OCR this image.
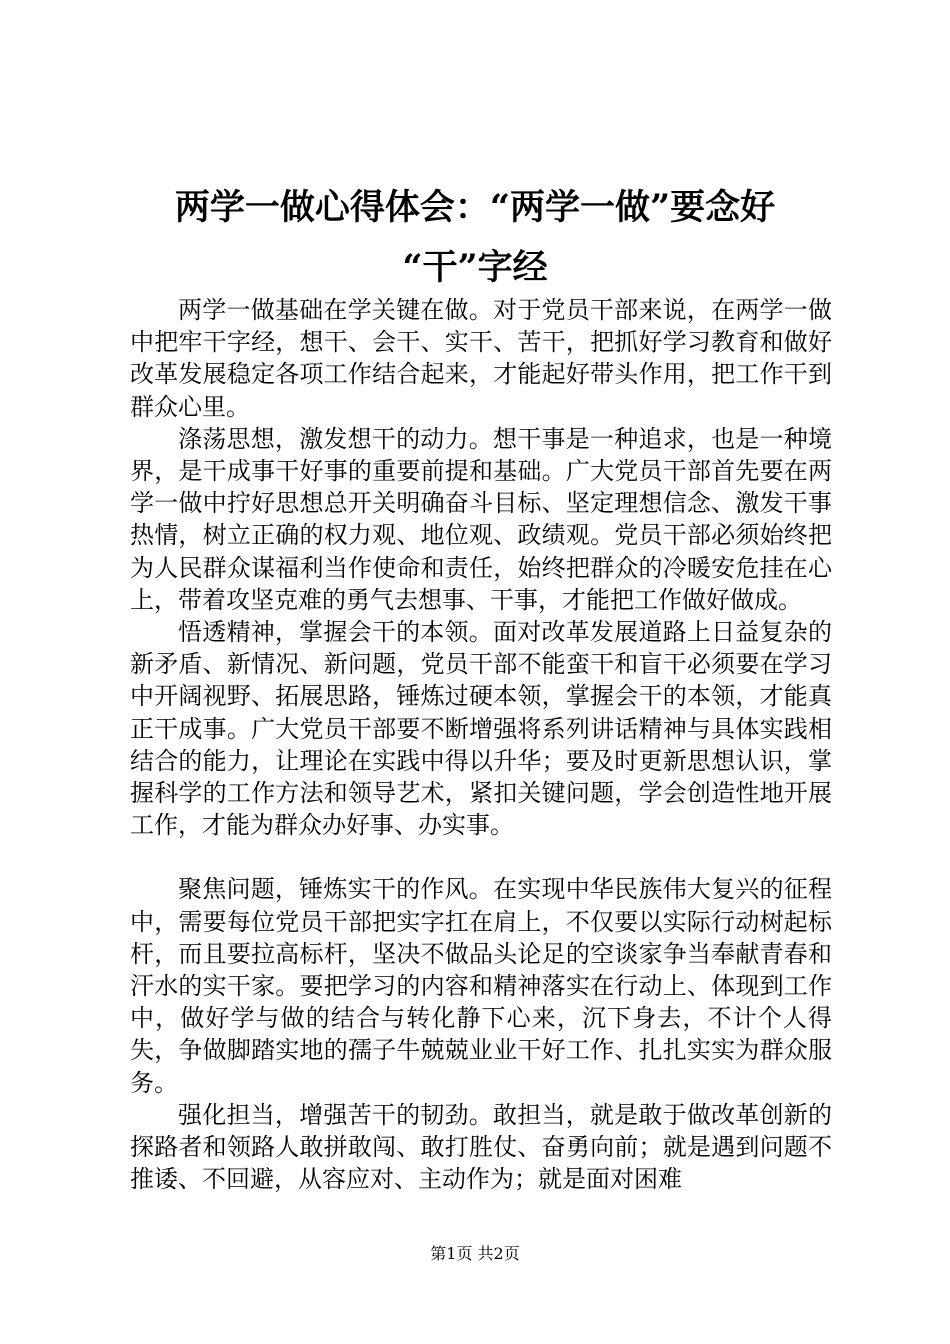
两学一做心得体会：“两学一做”要念好
“干”字经

两学一做基础在学关键在做。对于党员干部来说，在两学一做中把牢干字经，想干、会干、实干、苦干，把抓好学习教育和做好改革发展稳定各项工作结合起来，才能起好带头作用，把工作干到群众心里。

涤荡思想，激发想干的动力。想干事是一种追求，也是一种境界，是干成事干好事的重要前提和基础。广大党员干部首先要在两学一做中拧好思想总开关明确奋斗目标、坚定理想信念、激发干事热情，树立正确的权力观、地位观、政绩观。党员干部必须始终把为人民群众谋福利当作使命和责任，始终把群众的冷暖安危挂在心上，带着攻坚克难的勇气去想事、干事，才能把工作做好做成。

悟透精神，掌握会干的本领。面对改革发展道路上日益复杂的新矛盾、新情况、新问题，党员干部不能蛮干和盲干必须要在学习中开阔视野、拓展思路，锤炼过硬本领，掌握会干的本领，才能真正干成事。广大党员干部要不断增强将系列讲话精神与具体实践相结合的能力，让理论在实践中得以升华；要及时更新思想认识，掌握科学的工作方法和领导艺术，紧扣关键问题，学会创造性地开展工作，才能为群众办好事、办实事。

聚焦问题，锤炼实干的作风。在实现中华民族伟大复兴的征程中，需要每位党员干部把实字扛在肩上，不仅要以实际行动树起标杆，而且要拉高标杆，坚决不做品头论足的空谈家争当奉献青春和汗水的实干家。要把学习的内容和精神落实在行动上、体现到工作中，做好学与做的结合与转化静下心来，沉下身去，不计个人得失，争做脚踏实地的孺子牛兢兢业业干好工作、扎扎实实为群众服务。

强化担当，增强苦干的韧劲。敢担当，就是敢于做改革创新的探路者和领路人敢拼敢闯、敢打胜仗、奋勇向前；就是遇到问题不推诿、不回避，从容应对、主动作为；就是面对困难

第1页 共2页
